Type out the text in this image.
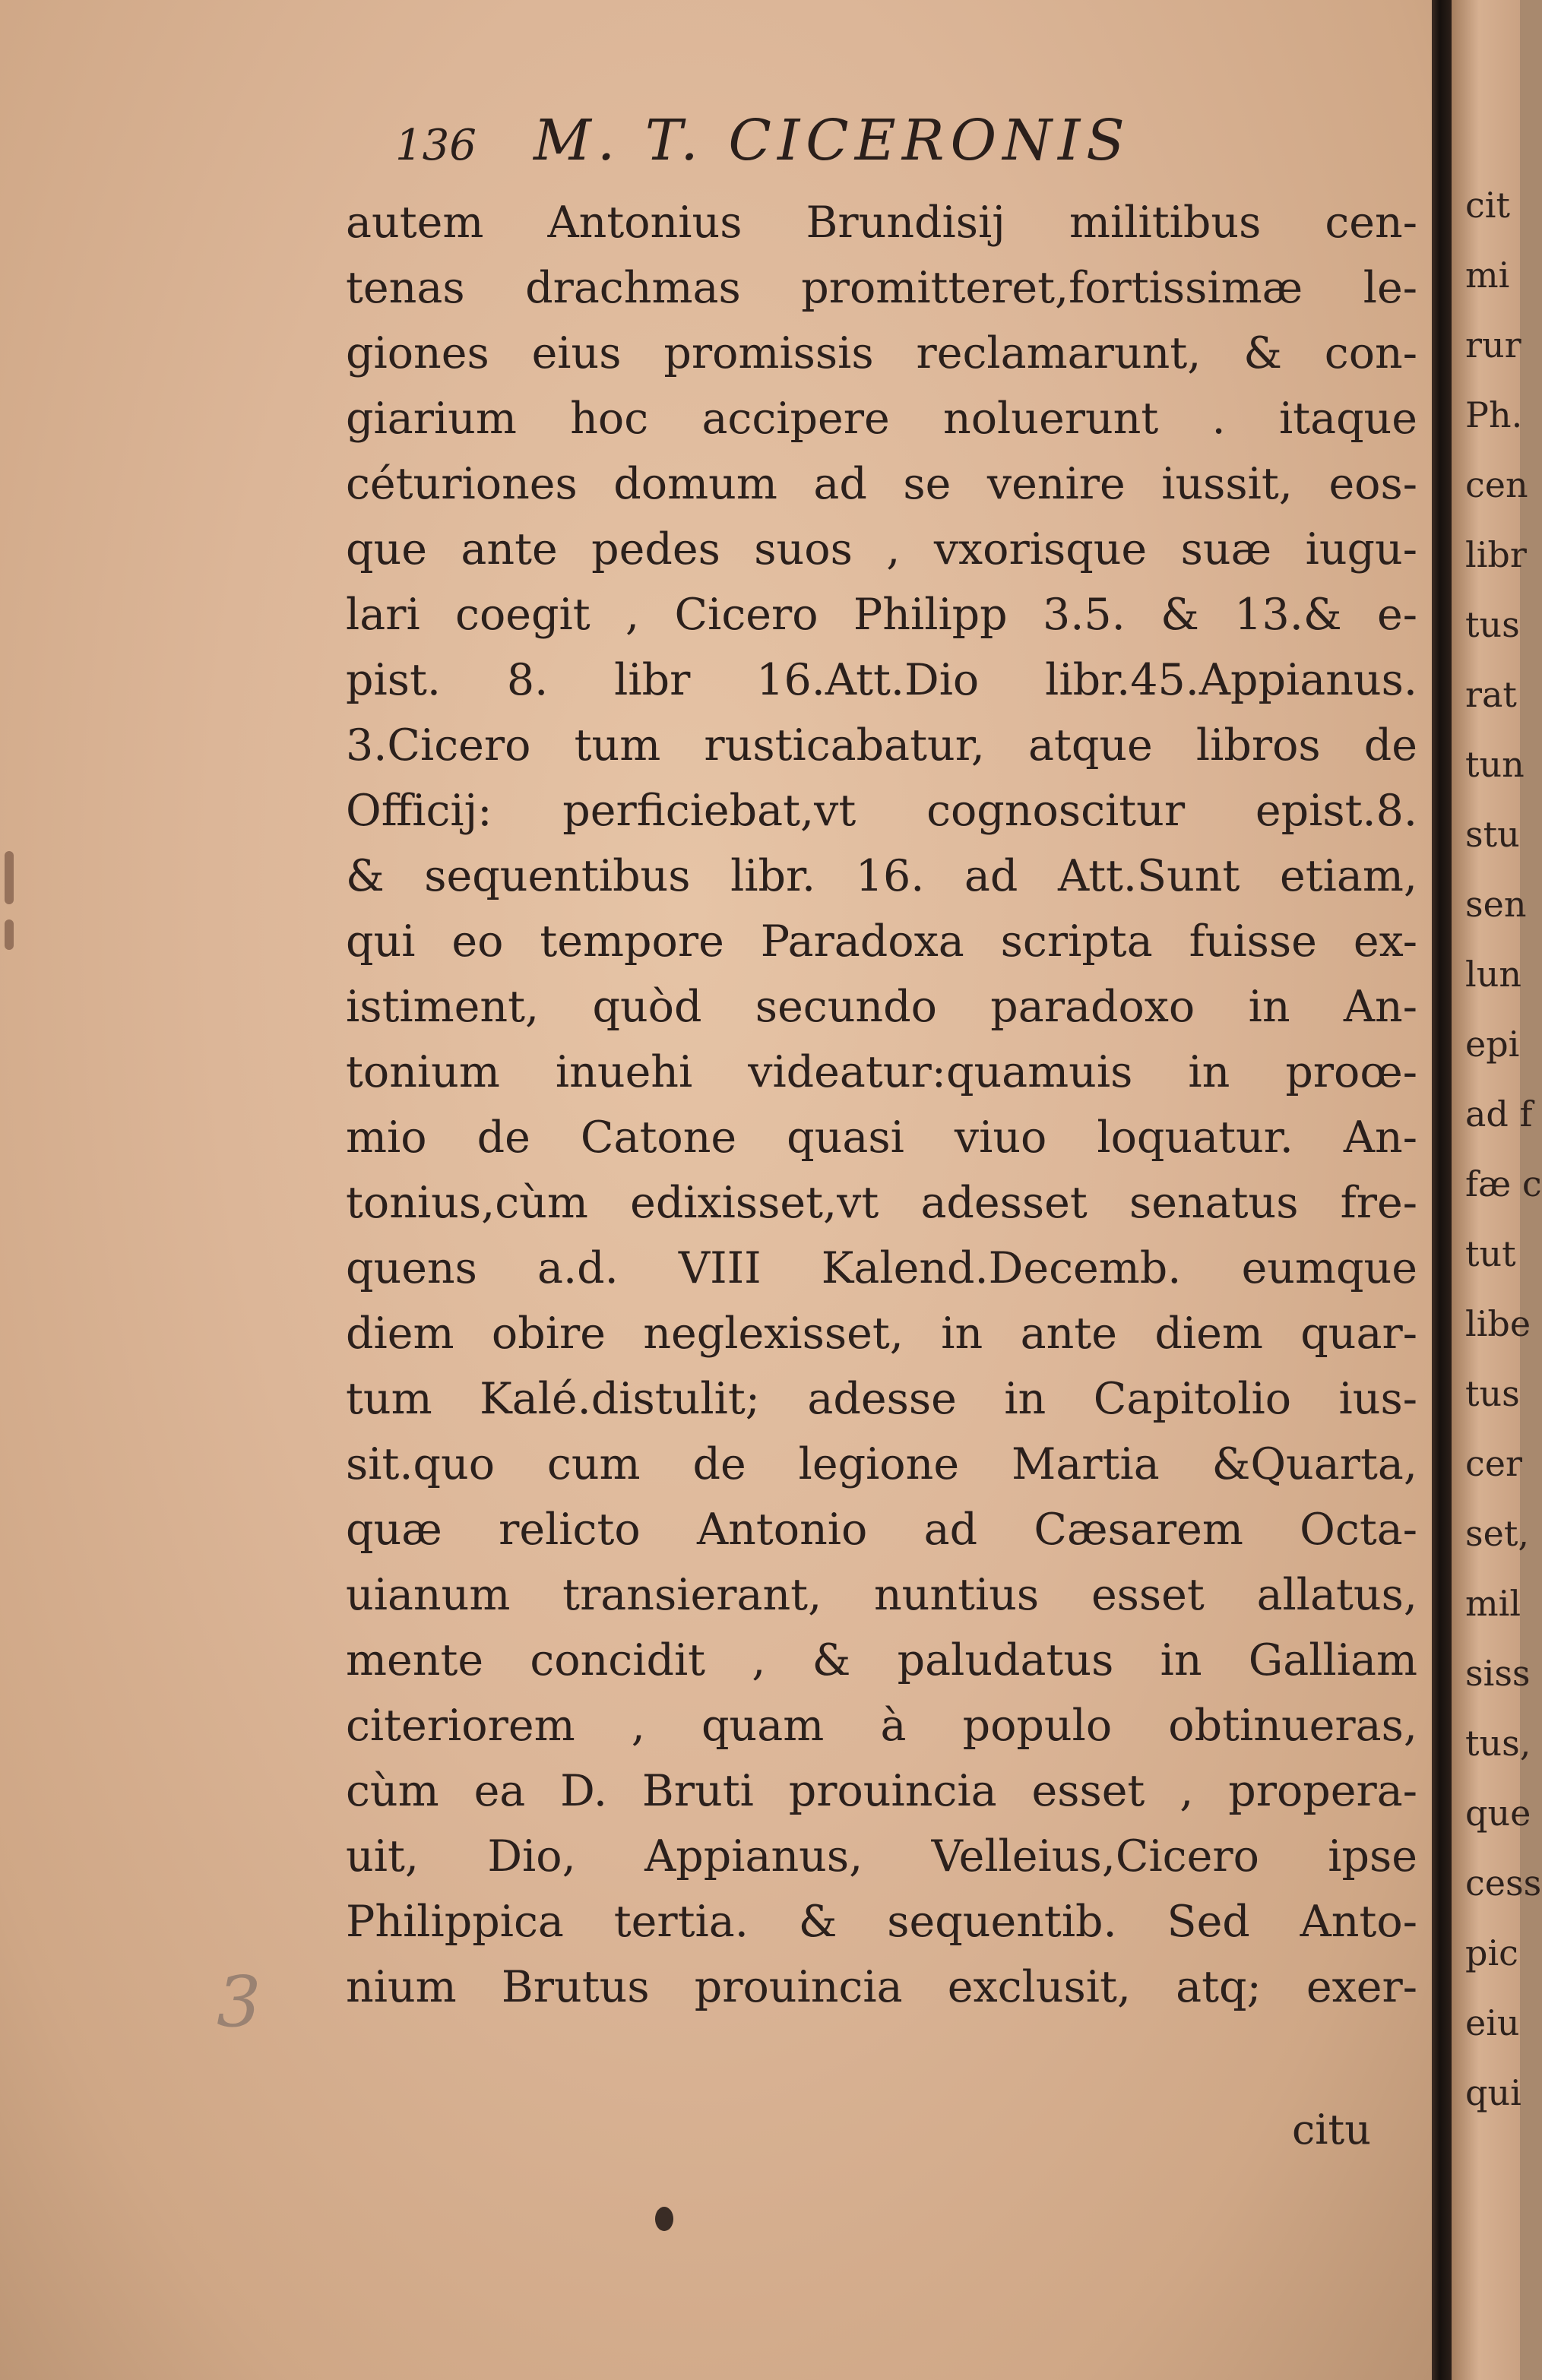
136 M. T. CICERONIS
autem Antonius Brundisij militibus cen-
tenas drachmas promitteret,fortissimæ le-
giones eius promissis reclamarunt, & con-
giarium hoc accipere noluerunt . itaque
céturiones domum ad se venire iussit, eos-
que ante pedes suos , vxorisque suæ iugu-
lari coegit , Cicero Philipp 3.5. & 13.& e-
pist. 8. libr 16.Att.Dio libr.45.Appianus.
3.Cicero tum rusticabatur, atque libros de
Officij: perficiebat,vt cognoscitur epist.8.
& sequentibus libr. 16. ad Att.Sunt etiam,
qui eo tempore Paradoxa scripta fuisse ex-
istiment, quòd secundo paradoxo in An-
tonium inuehi videatur:quamuis in proœ-
mio de Catone quasi viuo loquatur. An-
tonius,cùm edixisset,vt adesset senatus fre-
quens a.d. VIII Kalend.Decemb. eumque
diem obire neglexisset, in ante diem quar-
tum Kalé.distulit; adesse in Capitolio ius-
sit.quo cum de legione Martia &Quarta,
quæ relicto Antonio ad Cæsarem Octa-
uianum transierant, nuntius esset allatus,
mente concidit , & paludatus in Galliam
citeriorem , quam à populo obtinueras,
cùm ea D. Bruti prouincia esset , propera-
uit, Dio, Appianus, Velleius,Cicero ipse
Philippica tertia. & sequentib. Sed Anto-
nium Brutus prouincia exclusit, atq; exer-
citu
3
cit
mi
rur
Ph.
cen
libr
tus
rat
tun
stu
sen
lun
epi
ad f
fæ c
tut
libe
tus
cer
set,
mil
siss
tus,
que
cess
pic
eiu
qui
